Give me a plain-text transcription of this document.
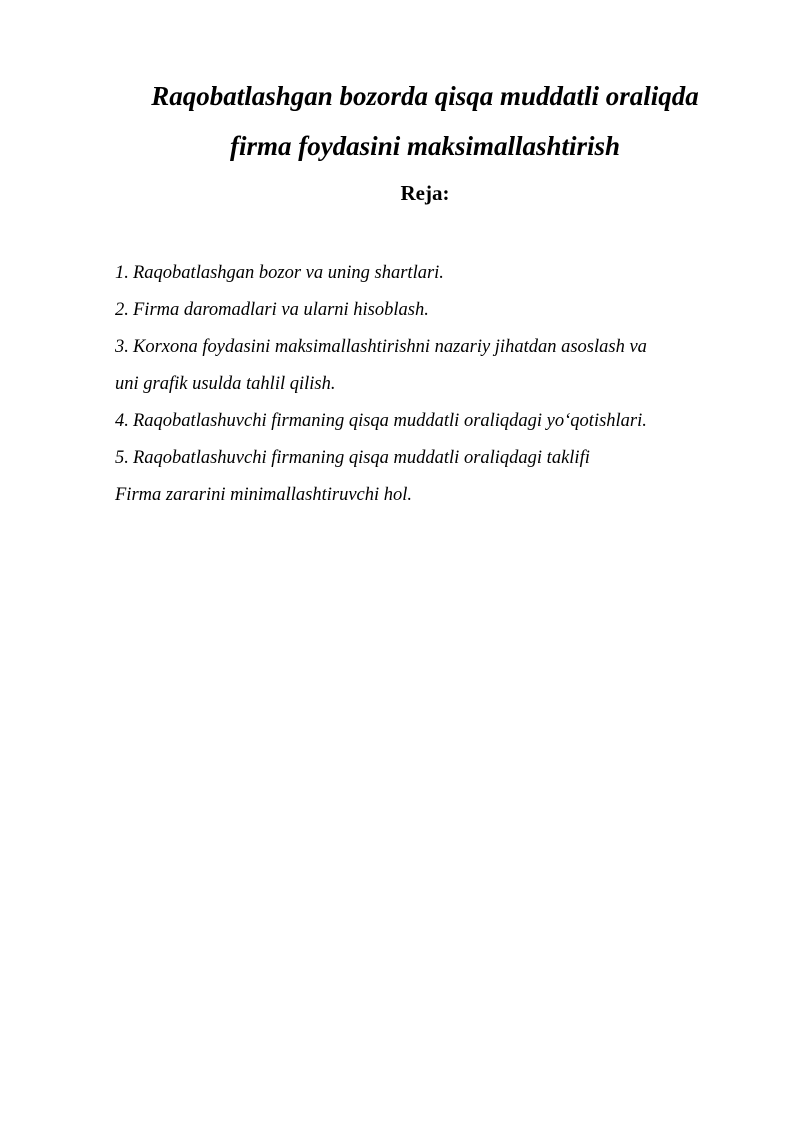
Raqobatlashgan bozorda qisqa muddatli oraliqda
firma foydasini maksimallashtirish
Reja:
1. Raqobatlashgan bozor va uning shartlari.
2. Firma daromadlari va ularni hisoblash.
3. Korxona foydasini maksimallashtirishni nazariy jihatdan asoslash va
uni grafik usulda tahlil qilish.
4. Raqobatlashuvchi firmaning qisqa muddatli oraliqdagi yo‘qotishlari.
5. Raqobatlashuvchi firmaning qisqa muddatli oraliqdagi taklifi
Firma zararini minimallashtiruvchi hol.
